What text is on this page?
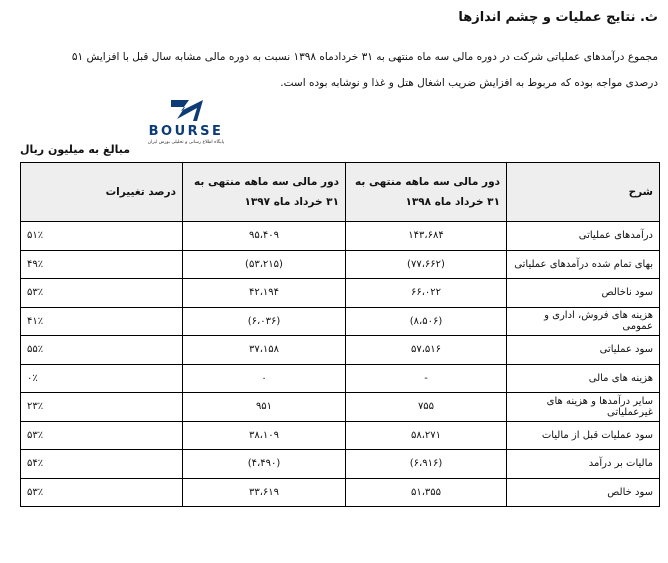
ث. نتایج عملیات و چشم اندازها
مجموع درآمدهای عملیاتی شرکت در دوره مالی سه ماه منتهی به ۳۱ خردادماه ۱۳۹۸ نسبت به دوره مالی مشابه سال قبل با افزایش ۵۱ درصدی مواجه بوده که مربوط به افزایش ضریب اشغال هتل و غذا و نوشابه بوده است.
BOURSE
پایگاه اطلاع رسانی و تحلیلی بورس ایران
مبالغ به میلیون ریال
شرح	دور مالی سه ماهه منتهی به ۳۱ خرداد ماه ۱۳۹۸	دور مالی سه ماهه منتهی به ۳۱ خرداد ماه ۱۳۹۷	درصد تغییرات
درآمدهای عملیاتی	۱۴۳،۶۸۴	۹۵،۴۰۹	۵۱٪
بهای تمام شده درآمدهای عملیاتی	(۷۷،۶۶۲)	(۵۳،۲۱۵)	۴۹٪
سود ناخالص	۶۶،۰۲۲	۴۲،۱۹۴	۵۳٪
هزینه های فروش، اداری و عمومی	(۸،۵۰۶)	(۶،۰۳۶)	۴۱٪
سود عملیاتی	۵۷،۵۱۶	۳۷،۱۵۸	۵۵٪
هزینه های مالی	-	۰	۰٪
سایر درآمدها و هزینه های غیرعملیاتی	۷۵۵	۹۵۱	۲۳٪
سود عملیات قبل از مالیات	۵۸،۲۷۱	۳۸،۱۰۹	۵۳٪
مالیات بر درآمد	(۶،۹۱۶)	(۴،۴۹۰)	۵۴٪
سود خالص	۵۱،۳۵۵	۳۳،۶۱۹	۵۳٪
